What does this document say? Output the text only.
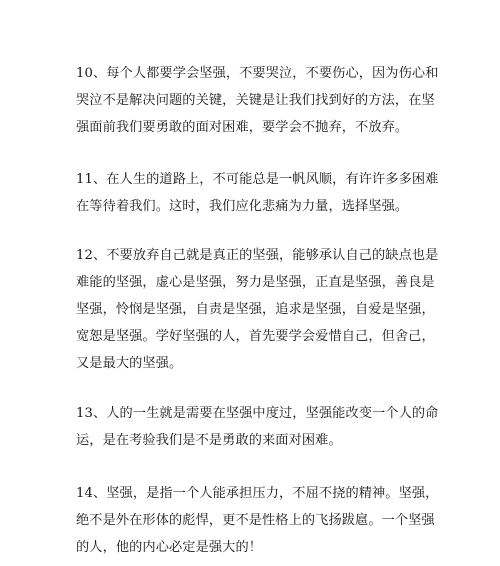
10、每个人都要学会坚强，不要哭泣，不要伤心，因为伤心和
哭泣不是解决问题的关键，关键是让我们找到好的方法，在坚
强面前我们要勇敢的面对困难，要学会不抛弃，不放弃。
11、在人生的道路上，不可能总是一帆风顺，有许许多多困难
在等待着我们。这时，我们应化悲痛为力量，选择坚强。
12、不要放弃自己就是真正的坚强，能够承认自己的缺点也是
难能的坚强，虚心是坚强，努力是坚强，正直是坚强，善良是
坚强，怜悯是坚强，自责是坚强，追求是坚强，自爱是坚强，
宽恕是坚强。学好坚强的人，首先要学会爱惜自己，但舍己，
又是最大的坚强。
13、人的一生就是需要在坚强中度过，坚强能改变一个人的命
运，是在考验我们是不是勇敢的来面对困难。
14、坚强，是指一个人能承担压力，不屈不挠的精神。坚强，
绝不是外在形体的彪悍，更不是性格上的飞扬跋扈。一个坚强
的人，他的内心必定是强大的！
